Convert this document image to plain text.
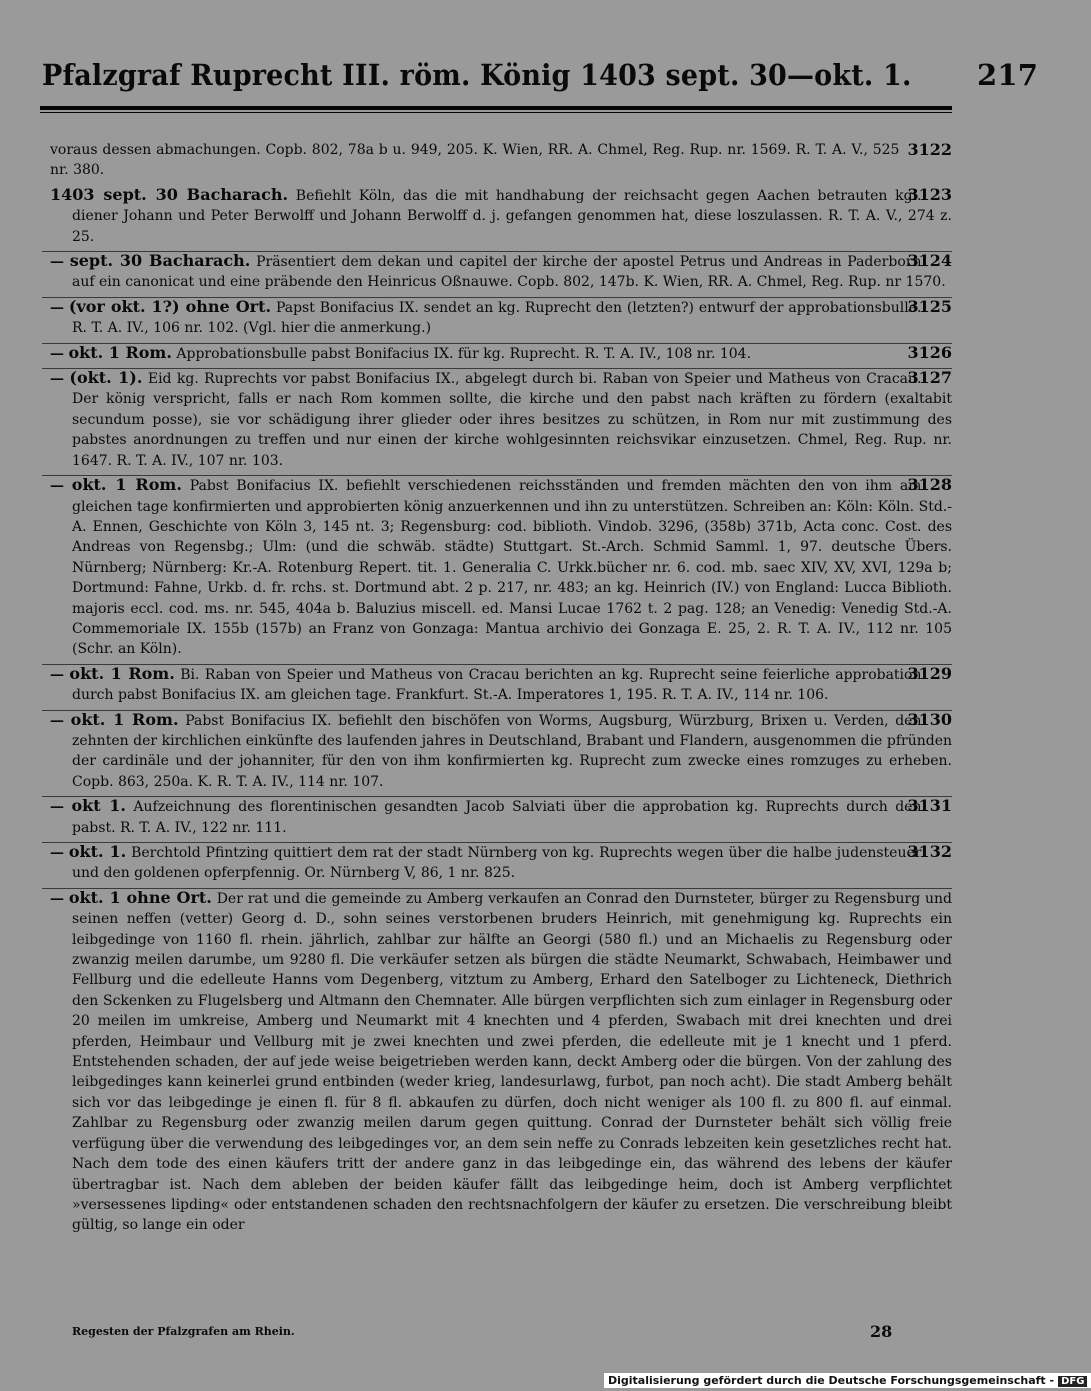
Pfalzgraf Ruprecht III. röm. König 1403 sept. 30—okt. 1. 217
3122
voraus dessen abmachungen. Copb. 802, 78a b u. 949, 205. K. Wien, RR. A. Chmel, Reg. Rup. nr. 1569. R. T. A. V., 525 nr. 380.
3123
1403 sept. 30 Bacharach. Befiehlt Köln, das die mit handhabung der reichsacht gegen Aachen betrauten kgl. diener Johann und Peter Berwolff und Johann Berwolff d. j. gefangen genommen hat, diese loszulassen. R. T. A. V., 274 z. 25.
3124
— sept. 30 Bacharach. Präsentiert dem dekan und capitel der kirche der apostel Petrus und Andreas in Paderborn auf ein canonicat und eine präbende den Heinricus Oßnauwe. Copb. 802, 147b. K. Wien, RR. A. Chmel, Reg. Rup. nr 1570.
3125
— (vor okt. 1?) ohne Ort. Papst Bonifacius IX. sendet an kg. Ruprecht den (letzten?) entwurf der approbationsbulle. R. T. A. IV., 106 nr. 102. (Vgl. hier die anmerkung.)
3126
— okt. 1 Rom. Approbationsbulle pabst Bonifacius IX. für kg. Ruprecht. R. T. A. IV., 108 nr. 104.
3127
— (okt. 1). Eid kg. Ruprechts vor pabst Bonifacius IX., abgelegt durch bi. Raban von Speier und Matheus von Cracau. Der könig verspricht, falls er nach Rom kommen sollte, die kirche und den pabst nach kräften zu fördern (exaltabit secundum posse), sie vor schädigung ihrer glieder oder ihres besitzes zu schützen, in Rom nur mit zustimmung des pabstes anordnungen zu treffen und nur einen der kirche wohlgesinnten reichsvikar einzusetzen. Chmel, Reg. Rup. nr. 1647. R. T. A. IV., 107 nr. 103.
3128
— okt. 1 Rom. Pabst Bonifacius IX. befiehlt verschiedenen reichsständen und fremden mächten den von ihm am gleichen tage konfirmierten und approbierten könig anzuerkennen und ihn zu unterstützen. Schreiben an: Köln: Köln. Std.-A. Ennen, Geschichte von Köln 3, 145 nt. 3; Regensburg: cod. biblioth. Vindob. 3296, (358b) 371b, Acta conc. Cost. des Andreas von Regensbg.; Ulm: (und die schwäb. städte) Stuttgart. St.-Arch. Schmid Samml. 1, 97. deutsche Übers. Nürnberg; Nürnberg: Kr.-A. Rotenburg Repert. tit. 1. Generalia C. Urkk.bücher nr. 6. cod. mb. saec XIV, XV, XVI, 129a b; Dortmund: Fahne, Urkb. d. fr. rchs. st. Dortmund abt. 2 p. 217, nr. 483; an kg. Heinrich (IV.) von England: Lucca Biblioth. majoris eccl. cod. ms. nr. 545, 404a b. Baluzius miscell. ed. Mansi Lucae 1762 t. 2 pag. 128; an Venedig: Venedig Std.-A. Commemoriale IX. 155b (157b) an Franz von Gonzaga: Mantua archivio dei Gonzaga E. 25, 2. R. T. A. IV., 112 nr. 105 (Schr. an Köln).
3129
— okt. 1 Rom. Bi. Raban von Speier und Matheus von Cracau berichten an kg. Ruprecht seine feierliche approbation durch pabst Bonifacius IX. am gleichen tage. Frankfurt. St.-A. Imperatores 1, 195. R. T. A. IV., 114 nr. 106.
3130
— okt. 1 Rom. Pabst Bonifacius IX. befiehlt den bischöfen von Worms, Augsburg, Würzburg, Brixen u. Verden, den zehnten der kirchlichen einkünfte des laufenden jahres in Deutschland, Brabant und Flandern, ausgenommen die pfründen der cardinäle und der johanniter, für den von ihm konfirmierten kg. Ruprecht zum zwecke eines romzuges zu erheben. Copb. 863, 250a. K. R. T. A. IV., 114 nr. 107.
3131
— okt 1. Aufzeichnung des florentinischen gesandten Jacob Salviati über die approbation kg. Ruprechts durch den pabst. R. T. A. IV., 122 nr. 111.
3132
— okt. 1. Berchtold Pfintzing quittiert dem rat der stadt Nürnberg von kg. Ruprechts wegen über die halbe judensteuer und den goldenen opferpfennig. Or. Nürnberg V, 86, 1 nr. 825.
— okt. 1 ohne Ort. Der rat und die gemeinde zu Amberg verkaufen an Conrad den Durnsteter, bürger zu Regensburg und seinen neffen (vetter) Georg d. D., sohn seines verstorbenen bruders Heinrich, mit genehmigung kg. Ruprechts ein leibgedinge von 1160 fl. rhein. jährlich, zahlbar zur hälfte an Georgi (580 fl.) und an Michaelis zu Regensburg oder zwanzig meilen darumbe, um 9280 fl. Die verkäufer setzen als bürgen die städte Neumarkt, Schwabach, Heimbawer und Fellburg und die edelleute Hanns vom Degenberg, vitztum zu Amberg, Erhard den Satelboger zu Lichteneck, Diethrich den Sckenken zu Flugelsberg und Altmann den Chemnater. Alle bürgen verpflichten sich zum einlager in Regensburg oder 20 meilen im umkreise, Amberg und Neumarkt mit 4 knechten und 4 pferden, Swabach mit drei knechten und drei pferden, Heimbaur und Vellburg mit je zwei knechten und zwei pferden, die edelleute mit je 1 knecht und 1 pferd. Entstehenden schaden, der auf jede weise beigetrieben werden kann, deckt Amberg oder die bürgen. Von der zahlung des leibgedinges kann keinerlei grund entbinden (weder krieg, landesurlawg, furbot, pan noch acht). Die stadt Amberg behält sich vor das leibgedinge je einen fl. für 8 fl. abkaufen zu dürfen, doch nicht weniger als 100 fl. zu 800 fl. auf einmal. Zahlbar zu Regensburg oder zwanzig meilen darum gegen quittung. Conrad der Durnsteter behält sich völlig freie verfügung über die verwendung des leibgedinges vor, an dem sein neffe zu Conrads lebzeiten kein gesetzliches recht hat. Nach dem tode des einen käufers tritt der andere ganz in das leibgedinge ein, das während des lebens der käufer übertragbar ist. Nach dem ableben der beiden käufer fällt das leibgedinge heim, doch ist Amberg verpflichtet »versessenes lipding« oder entstandenen schaden den rechtsnachfolgern der käufer zu ersetzen. Die verschreibung bleibt gültig, so lange ein oder
Regesten der Pfalzgrafen am Rhein.	28
Digitalisierung gefördert durch die Deutsche Forschungsgemeinschaft - DFG
